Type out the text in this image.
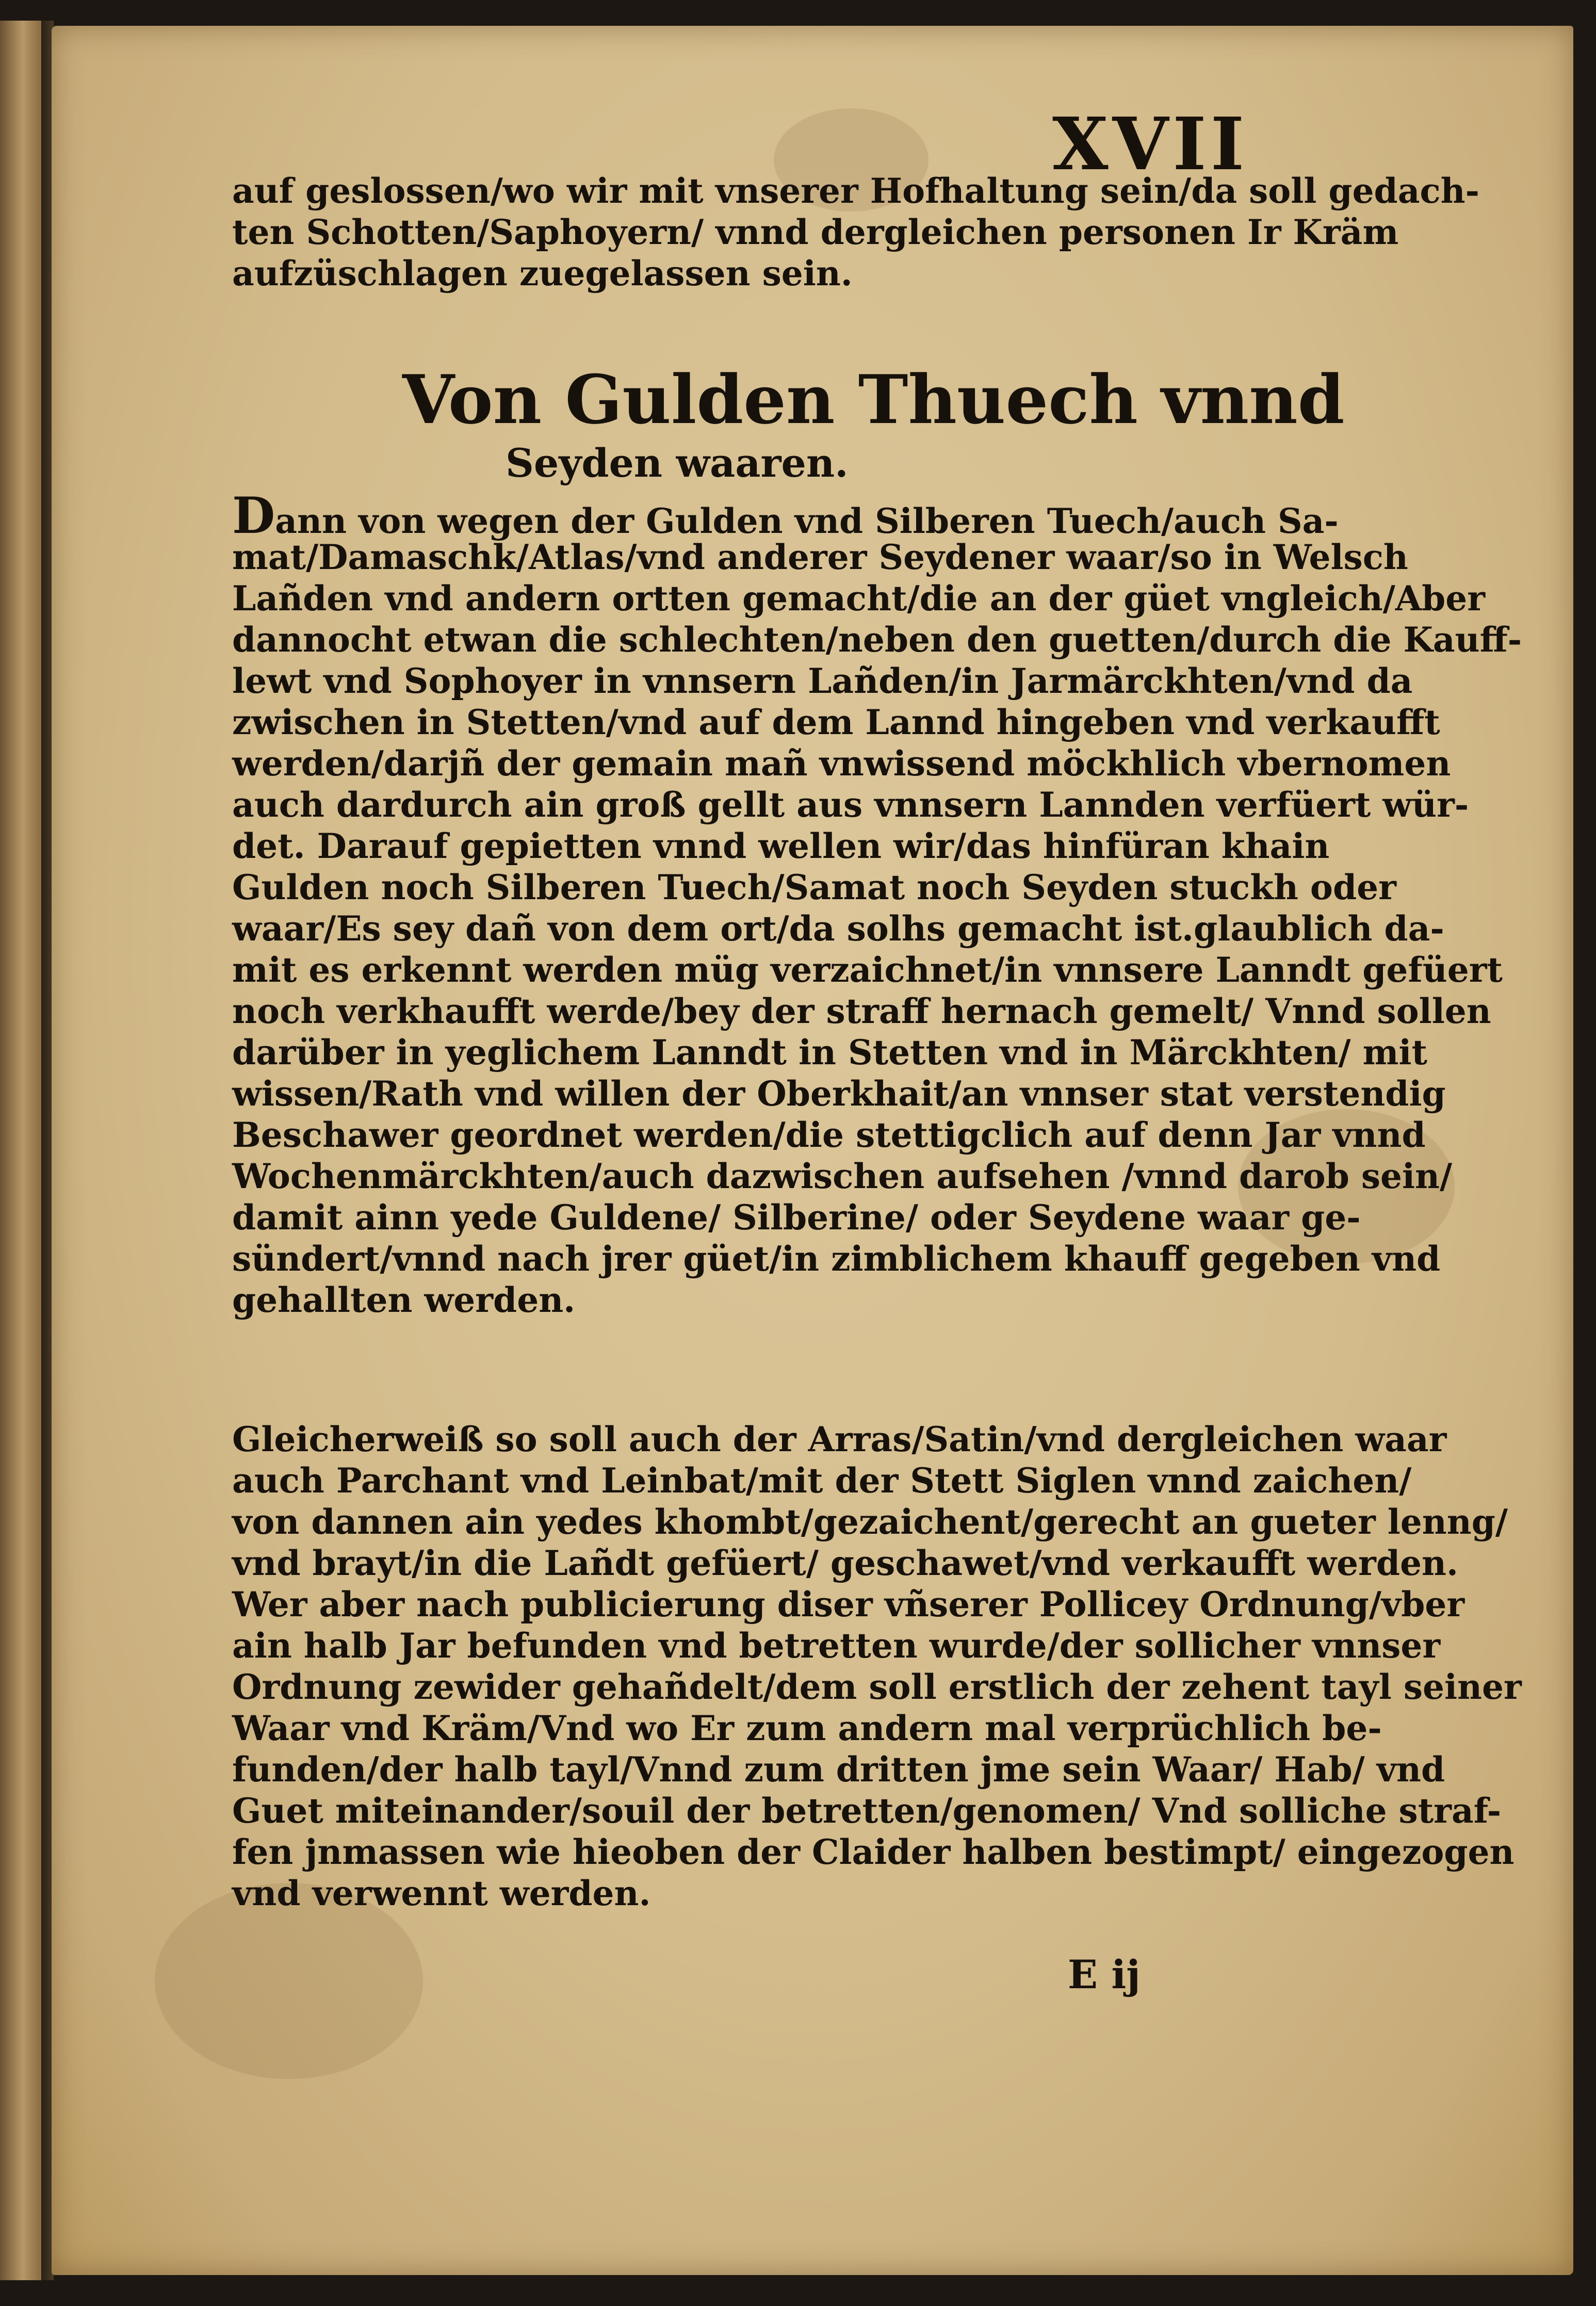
XVII
auf geslossen/wo wir mit vnserer Hofhaltung sein/da soll gedach-
ten Schotten/Saphoyern/ vnnd dergleichen personen Ir Kräm
aufzüschlagen zuegelassen sein.
Von Gulden Thuech vnnd
Seyden waaren.
Dann von wegen der Gulden vnd Silberen Tuech/auch Sa-
mat/Damaschk/Atlas/vnd anderer Seydener waar/so in Welsch
Lañden vnd andern ortten gemacht/die an der güet vngleich/Aber
dannocht etwan die schlechten/neben den guetten/durch die Kauff-
lewt vnd Sophoyer in vnnsern Lañden/in Jarmärckhten/vnd da
zwischen in Stetten/vnd auf dem Lannd hingeben vnd verkaufft
werden/darjñ der gemain mañ vnwissend möckhlich vbernomen
auch dardurch ain groß gellt aus vnnsern Lannden verfüert wür-
det. Darauf gepietten vnnd wellen wir/das hinfüran khain
Gulden noch Silberen Tuech/Samat noch Seyden stuckh oder
waar/Es sey dañ von dem ort/da solhs gemacht ist.glaublich da-
mit es erkennt werden müg verzaichnet/in vnnsere Lanndt gefüert
noch verkhaufft werde/bey der straff hernach gemelt/ Vnnd sollen
darüber in yeglichem Lanndt in Stetten vnd in Märckhten/ mit
wissen/Rath vnd willen der Oberkhait/an vnnser stat verstendig
Beschawer geordnet werden/die stettigclich auf denn Jar vnnd
Wochenmärckhten/auch dazwischen aufsehen /vnnd darob sein/
damit ainn yede Guldene/ Silberine/ oder Seydene waar ge-
sündert/vnnd nach jrer güet/in zimblichem khauff gegeben vnd
gehallten werden.
Gleicherweiß so soll auch der Arras/Satin/vnd dergleichen waar
auch Parchant vnd Leinbat/mit der Stett Siglen vnnd zaichen/
von dannen ain yedes khombt/gezaichent/gerecht an gueter lenng/
vnd brayt/in die Lañdt gefüert/ geschawet/vnd verkaufft werden.
Wer aber nach publicierung diser vñserer Pollicey Ordnung/vber
ain halb Jar befunden vnd betretten wurde/der sollicher vnnser
Ordnung zewider gehañdelt/dem soll erstlich der zehent tayl seiner
Waar vnd Kräm/Vnd wo Er zum andern mal verprüchlich be-
funden/der halb tayl/Vnnd zum dritten jme sein Waar/ Hab/ vnd
Guet miteinander/souil der betretten/genomen/ Vnd solliche straf-
fen jnmassen wie hieoben der Claider halben bestimpt/ eingezogen
vnd verwennt werden.
E ij
